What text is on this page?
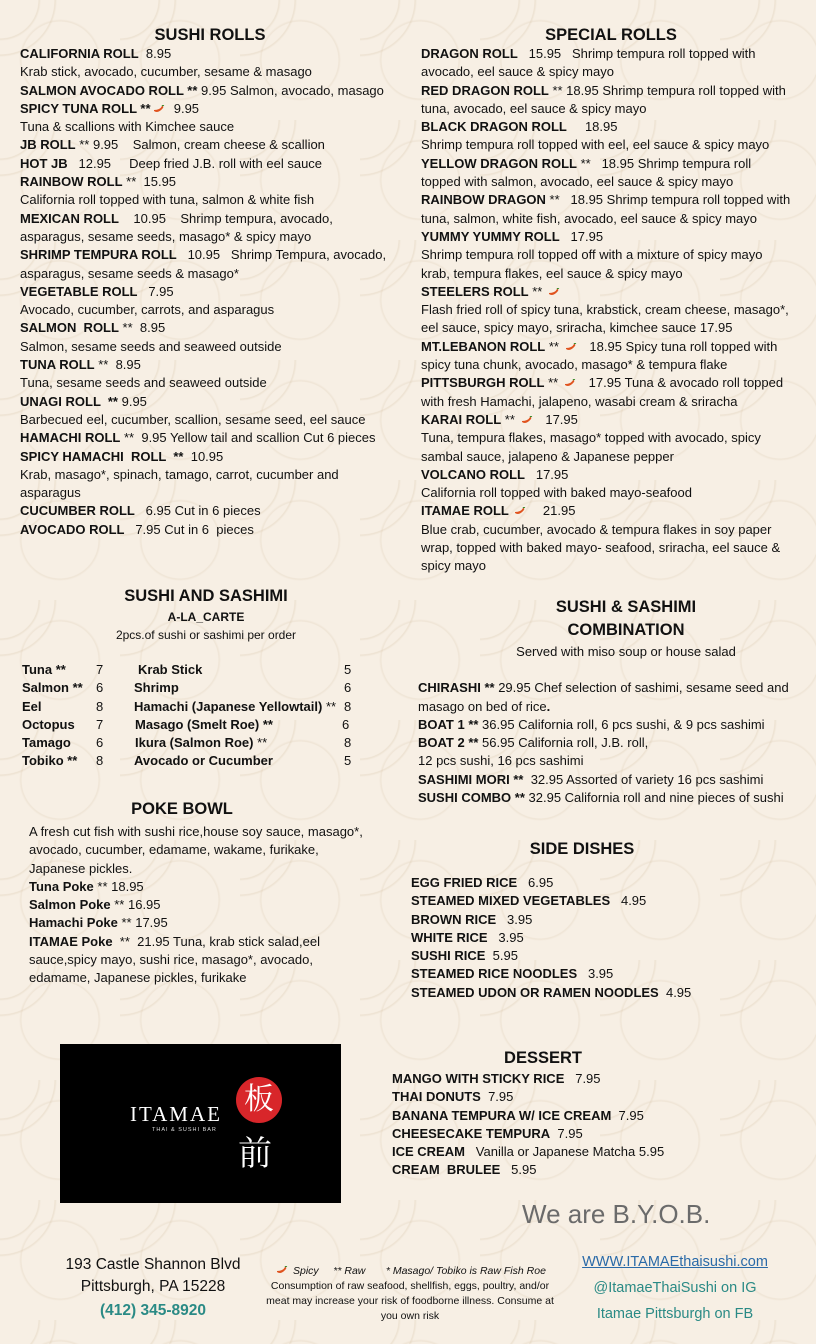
SUSHI ROLLS
CALIFORNIA ROLL  8.95
Krab stick, avocado, cucumber, sesame & masago
SALMON AVOCADO ROLL ** 9.95 Salmon, avocado, masago
SPICY TUNA ROLL **
9.95
Tuna & scallions with Kimchee sauce
JB ROLL ** 9.95    Salmon, cream cheese & scallion
HOT JB   12.95     Deep fried J.B. roll with eel sauce
RAINBOW ROLL **  15.95
California roll topped with tuna, salmon & white fish
MEXICAN ROLL    10.95    Shrimp tempura, avocado,
asparagus, sesame seeds, masago* & spicy mayo
SHRIMP TEMPURA ROLL   10.95   Shrimp Tempura, avocado,
asparagus, sesame seeds & masago*
VEGETABLE ROLL   7.95
Avocado, cucumber, carrots, and asparagus
SALMON  ROLL **  8.95
Salmon, sesame seeds and seaweed outside
TUNA ROLL **  8.95
Tuna, sesame seeds and seaweed outside
UNAGI ROLL  ** 9.95
Barbecued eel, cucumber, scallion, sesame seed, eel sauce
HAMACHI ROLL **  9.95 Yellow tail and scallion Cut 6 pieces
SPICY HAMACHI  ROLL  **  10.95
Krab, masago*, spinach, tamago, carrot, cucumber and
asparagus
CUCUMBER ROLL   6.95 Cut in 6 pieces
AVOCADO ROLL   7.95 Cut in 6  pieces
SPECIAL ROLLS
DRAGON ROLL   15.95   Shrimp tempura roll topped with
avocado, eel sauce & spicy mayo
RED DRAGON ROLL ** 18.95 Shrimp tempura roll topped with
tuna, avocado, eel sauce & spicy mayo
BLACK DRAGON ROLL     18.95
Shrimp tempura roll topped with eel, eel sauce & spicy mayo
YELLOW DRAGON ROLL **   18.95 Shrimp tempura roll
topped with salmon, avocado, eel sauce & spicy mayo
RAINBOW DRAGON **   18.95 Shrimp tempura roll topped with
tuna, salmon, white fish, avocado, eel sauce & spicy mayo
YUMMY YUMMY ROLL   17.95
Shrimp tempura roll topped off with a mixture of spicy mayo
krab, tempura flakes, eel sauce & spicy mayo
STEELERS ROLL **
Flash fried roll of spicy tuna, krabstick, cream cheese, masago*,
eel sauce, spicy mayo, sriracha, kimchee sauce 17.95
MT.LEBANON ROLL **
18.95 Spicy tuna roll topped with
spicy tuna chunk, avocado, masago* & tempura flake
PITTSBURGH ROLL **
17.95 Tuna & avocado roll topped
with fresh Hamachi, jalapeno, wasabi cream & sriracha
KARAI ROLL **
17.95
Tuna, tempura flakes, masago* topped with avocado, spicy
sambal sauce, jalapeno & Japanese pepper
VOLCANO ROLL   17.95
California roll topped with baked mayo-seafood
ITAMAE ROLL
21.95
Blue crab, cucumber, avocado & tempura flakes in soy paper
wrap, topped with baked mayo- seafood, sriracha, eel sauce &
spicy mayo
SUSHI AND SASHIMI
A-LA_CARTE
2pcs.of sushi or sashimi per order
Tuna ** 7	Krab Stick	5
Salmon ** 6 Shrimp	6
Eel	8 Hamachi (Japanese Yellowtail) ** 8
Octopus 7 Masago (Smelt Roe) **	6
Tamago 6 Ikura (Salmon Roe) **	8
Tobiko ** 8 Avocado or Cucumber	5
SUSHI & SASHIMI
COMBINATION
Served with miso soup or house salad
CHIRASHI ** 29.95 Chef selection of sashimi, sesame seed and
masago on bed of rice.
BOAT 1 ** 36.95 California roll, 6 pcs sushi, & 9 pcs sashimi
BOAT 2 ** 56.95 California roll, J.B. roll,
12 pcs sushi, 16 pcs sashimi
SASHIMI MORI **  32.95 Assorted of variety 16 pcs sashimi
SUSHI COMBO ** 32.95 California roll and nine pieces of sushi
POKE BOWL
A fresh cut fish with sushi rice,house soy sauce, masago*,
avocado, cucumber, edamame, wakame, furikake,
Japanese pickles.
Tuna Poke ** 18.95
Salmon Poke ** 16.95
Hamachi Poke ** 17.95
ITAMAE Poke  **  21.95 Tuna, krab stick salad,eel
sauce,spicy mayo, sushi rice, masago*, avocado,
edamame, Japanese pickles, furikake
SIDE DISHES
EGG FRIED RICE   6.95
STEAMED MIXED VEGETABLES   4.95
BROWN RICE   3.95
WHITE RICE   3.95
SUSHI RICE  5.95
STEAMED RICE NOODLES   3.95
STEAMED UDON OR RAMEN NOODLES  4.95
ITAMAE
THAI & SUSHI BAR
板
前
DESSERT
MANGO WITH STICKY RICE   7.95
THAI DONUTS  7.95
BANANA TEMPURA W/ ICE CREAM  7.95
CHEESECAKE TEMPURA  7.95
ICE CREAM   Vanilla or Japanese Matcha 5.95
CREAM  BRULEE   5.95
We are B.Y.O.B.
193 Castle Shannon Blvd
Pittsburgh, PA 15228
(412) 345-8920
Spicy ** Raw * Masago/ Tobiko is Raw Fish Roe
Consumption of raw seafood, shellfish, eggs, poultry, and/or meat may increase your risk of foodborne illness. Consume at you own risk
WWW.ITAMAEthaisushi.com
@ItamaeThaiSushi on IG
Itamae Pittsburgh on FB
